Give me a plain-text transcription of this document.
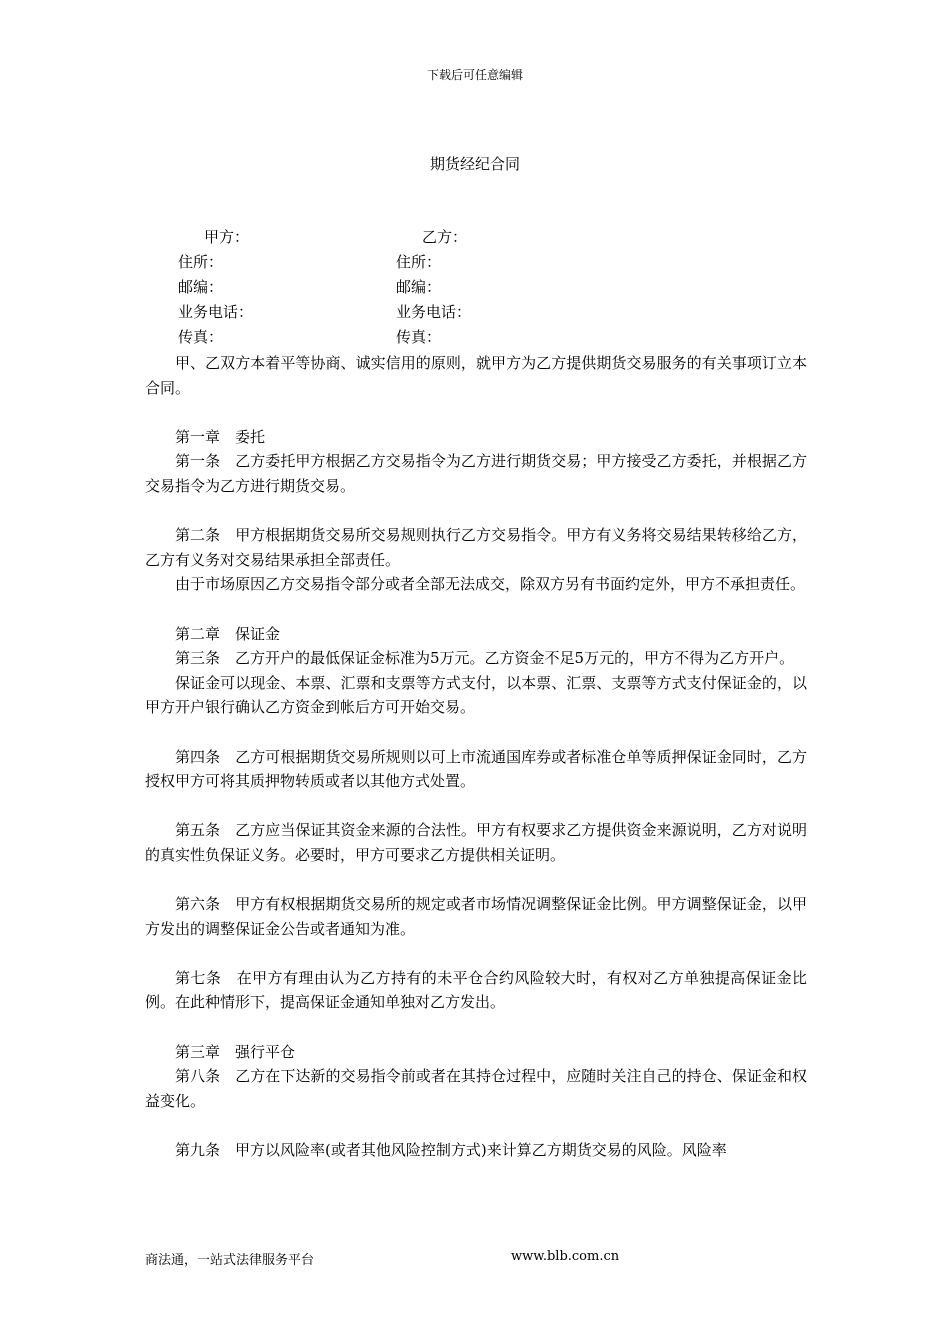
下载后可任意编辑
期货经纪合同
甲方：	乙方：
住所：	住所：
邮编：	邮编：
业务电话：	业务电话：
传真：	传真：

甲、乙双方本着平等协商、诚实信用的原则，就甲方为乙方提供期货交易服务的有关事项订立本合同。

第一章　委托

第一条　乙方委托甲方根据乙方交易指令为乙方进行期货交易；甲方接受乙方委托，并根据乙方交易指令为乙方进行期货交易。

第二条　甲方根据期货交易所交易规则执行乙方交易指令。甲方有义务将交易结果转移给乙方，乙方有义务对交易结果承担全部责任。

由于市场原因乙方交易指令部分或者全部无法成交，除双方另有书面约定外，甲方不承担责任。

第二章　保证金

第三条　乙方开户的最低保证金标准为5万元。乙方资金不足5万元的，甲方不得为乙方开户。

保证金可以现金、本票、汇票和支票等方式支付，以本票、汇票、支票等方式支付保证金的，以甲方开户银行确认乙方资金到帐后方可开始交易。

第四条　乙方可根据期货交易所规则以可上市流通国库券或者标准仓单等质押保证金同时，乙方授权甲方可将其质押物转质或者以其他方式处置。

第五条　乙方应当保证其资金来源的合法性。甲方有权要求乙方提供资金来源说明，乙方对说明的真实性负保证义务。必要时，甲方可要求乙方提供相关证明。

第六条　甲方有权根据期货交易所的规定或者市场情况调整保证金比例。甲方调整保证金，以甲方发出的调整保证金公告或者通知为准。

第七条　在甲方有理由认为乙方持有的未平仓合约风险较大时，有权对乙方单独提高保证金比例。在此种情形下，提高保证金通知单独对乙方发出。

第三章　强行平仓

第八条　乙方在下达新的交易指令前或者在其持仓过程中，应随时关注自己的持仓、保证金和权益变化。

第九条　甲方以风险率(或者其他风险控制方式)来计算乙方期货交易的风险。风险率

商法通，一站式法律服务平台	www.blb.com.cn
